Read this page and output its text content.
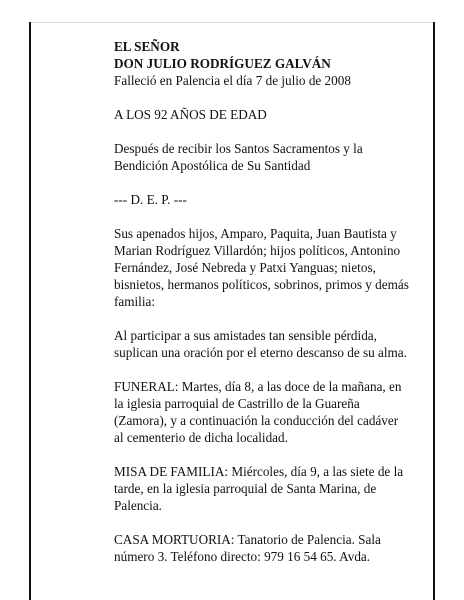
EL SEÑOR
DON JULIO RODRÍGUEZ GALVÁN
Falleció en Palencia el día 7 de julio de 2008

A LOS 92 AÑOS DE EDAD

Después de recibir los Santos Sacramentos y la
Bendición Apostólica de Su Santidad

--- D. E. P. ---

Sus apenados hijos, Amparo, Paquita, Juan Bautista y
Marian Rodríguez Villardón; hijos políticos, Antonino
Fernández, José Nebreda y Patxi Yanguas; nietos,
bisnietos, hermanos políticos, sobrinos, primos y demás
familia:

Al participar a sus amistades tan sensible pérdida,
suplican una oración por el eterno descanso de su alma.

FUNERAL: Martes, día 8, a las doce de la mañana, en
la iglesia parroquial de Castrillo de la Guareña
(Zamora), y a continuación la conducción del cadáver
al cementerio de dicha localidad.

MISA DE FAMILIA: Miércoles, día 9, a las siete de la
tarde, en la iglesia parroquial de Santa Marina, de
Palencia.

CASA MORTUORIA: Tanatorio de Palencia. Sala
número 3. Teléfono directo: 979 16 54 65. Avda.
